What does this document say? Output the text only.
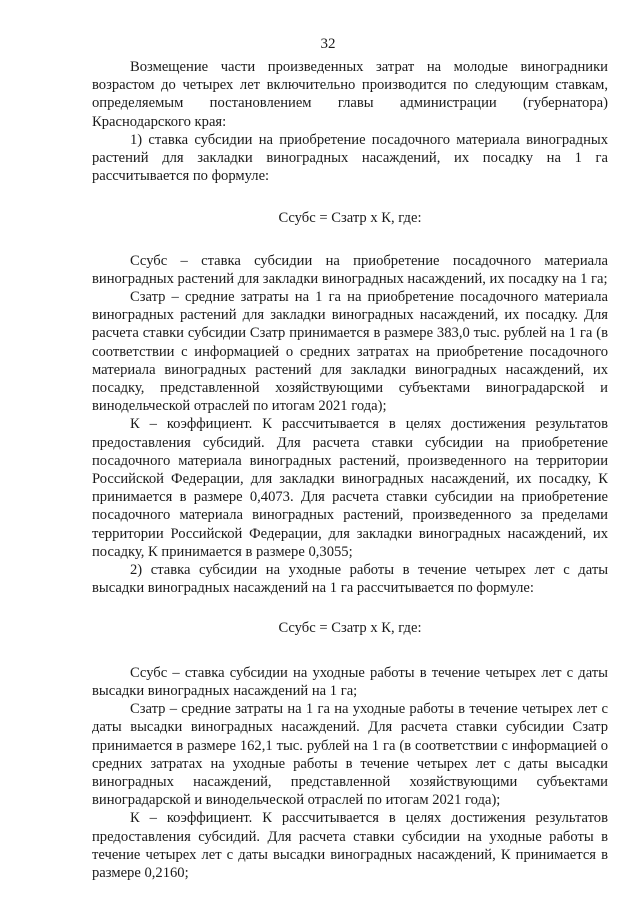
32

Возмещение части произведенных затрат на молодые виноградники возрастом до четырех лет включительно производится по следующим ставкам, определяемым постановлением главы администрации (губернатора) Краснодарского края:

1) ставка субсидии на приобретение посадочного материала виноградных растений для закладки виноградных насаждений, их посадку на 1 га рассчитывается по формуле:

Ссубс = Сзатр х К, где:

Ссубс – ставка субсидии на приобретение посадочного материала виноградных растений для закладки виноградных насаждений, их посадку на 1 га;

Сзатр – средние затраты на 1 га на приобретение посадочного материала виноградных растений для закладки виноградных насаждений, их посадку. Для расчета ставки субсидии Сзатр принимается в размере 383,0 тыс. рублей на 1 га (в соответствии с информацией о средних затратах на приобретение посадочного материала виноградных растений для закладки виноградных насаждений, их посадку, представленной хозяйствующими субъектами виноградарской и винодельческой отраслей по итогам 2021 года);

К – коэффициент. К рассчитывается в целях достижения результатов предоставления субсидий. Для расчета ставки субсидии на приобретение посадочного материала виноградных растений, произведенного на территории Российской Федерации, для закладки виноградных насаждений, их посадку, К принимается в размере 0,4073. Для расчета ставки субсидии на приобретение посадочного материала виноградных растений, произведенного за пределами территории Российской Федерации, для закладки виноградных насаждений, их посадку, К принимается в размере 0,3055;

2) ставка субсидии на уходные работы в течение четырех лет с даты высадки виноградных насаждений на 1 га рассчитывается по формуле:

Ссубс = Сзатр х К, где:

Ссубс – ставка субсидии на уходные работы в течение четырех лет с даты высадки виноградных насаждений на 1 га;

Сзатр – средние затраты на 1 га на уходные работы в течение четырех лет с даты высадки виноградных насаждений. Для расчета ставки субсидии Сзатр принимается в размере 162,1 тыс. рублей на 1 га (в соответствии с информацией о средних затратах на уходные работы в течение четырех лет с даты высадки виноградных насаждений, представленной хозяйствующими субъектами виноградарской и винодельческой отраслей по итогам 2021 года);

К – коэффициент. К рассчитывается в целях достижения результатов предоставления субсидий. Для расчета ставки субсидии на уходные работы в течение четырех лет с даты высадки виноградных насаждений, К принимается в размере 0,2160;
